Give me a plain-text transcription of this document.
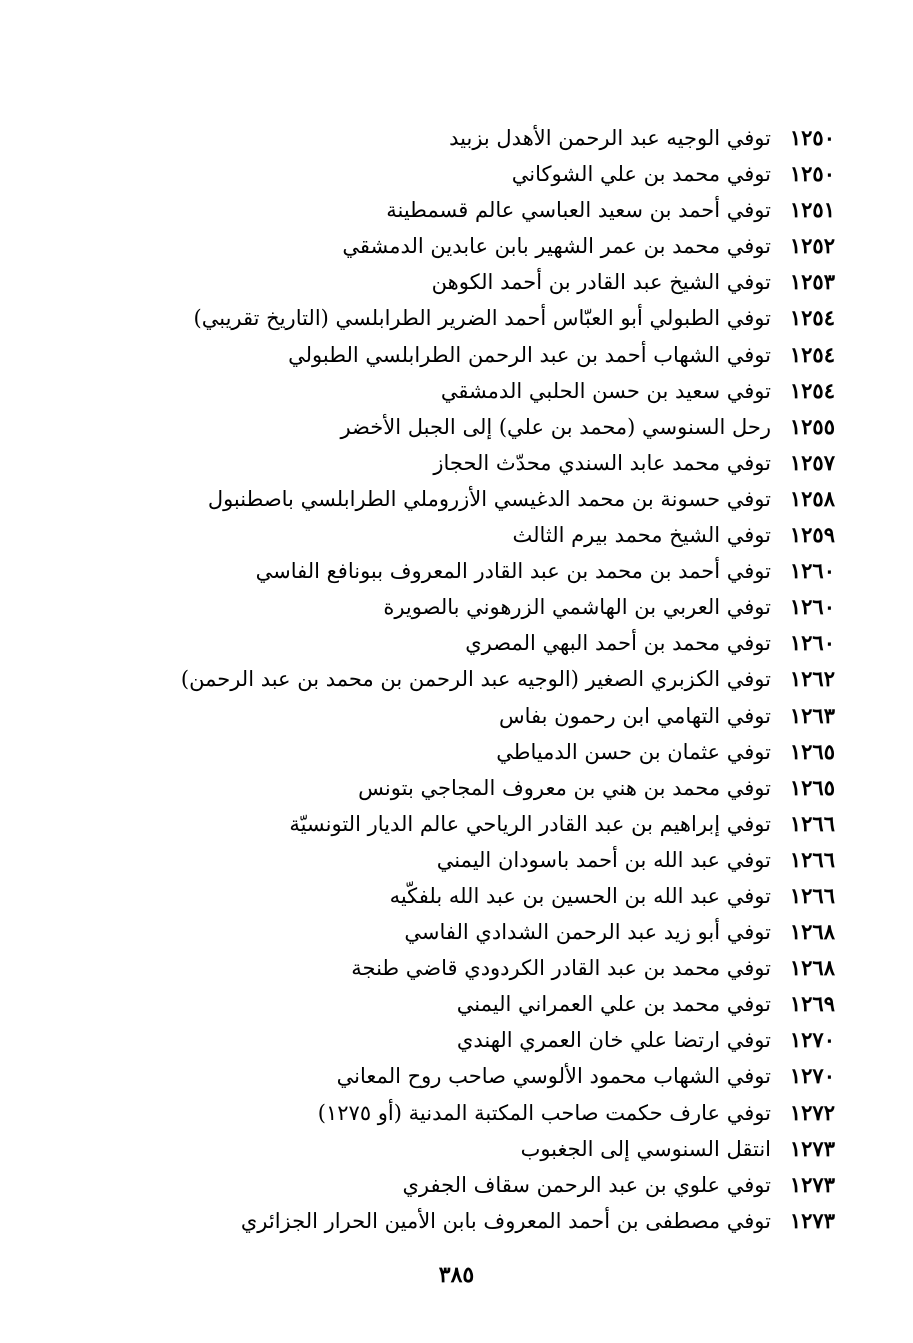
١٢٥٠توفي الوجيه عبد الرحمن الأهدل بزبيد
١٢٥٠توفي محمد بن علي الشوكاني
١٢٥١توفي أحمد بن سعيد العباسي عالم قسمطينة
١٢٥٢توفي محمد بن عمر الشهير بابن عابدين الدمشقي
١٢٥٣توفي الشيخ عبد القادر بن أحمد الكوهن
١٢٥٤توفي الطبولي أبو العبّاس أحمد الضرير الطرابلسي (التاريخ تقريبي)
١٢٥٤توفي الشهاب أحمد بن عبد الرحمن الطرابلسي الطبولي
١٢٥٤توفي سعيد بن حسن الحلبي الدمشقي
١٢٥٥رحل السنوسي (محمد بن علي) إلى الجبل الأخضر
١٢٥٧توفي محمد عابد السندي محدّث الحجاز
١٢٥٨توفي حسونة بن محمد الدغيسي الأزروملي الطرابلسي باصطنبول
١٢٥٩توفي الشيخ محمد بيرم الثالث
١٢٦٠توفي أحمد بن محمد بن عبد القادر المعروف ببونافع الفاسي
١٢٦٠توفي العربي بن الهاشمي الزرهوني بالصويرة
١٢٦٠توفي محمد بن أحمد البهي المصري
١٢٦٢توفي الكزبري الصغير (الوجيه عبد الرحمن بن محمد بن عبد الرحمن)
١٢٦٣توفي التهامي ابن رحمون بفاس
١٢٦٥توفي عثمان بن حسن الدمياطي
١٢٦٥توفي محمد بن هني بن معروف المجاجي بتونس
١٢٦٦توفي إبراهيم بن عبد القادر الرياحي عالم الديار التونسيّة
١٢٦٦توفي عبد الله بن أحمد باسودان اليمني
١٢٦٦توفي عبد الله بن الحسين بن عبد الله بلفكّيه
١٢٦٨توفي أبو زيد عبد الرحمن الشدادي الفاسي
١٢٦٨توفي محمد بن عبد القادر الكردودي قاضي طنجة
١٢٦٩توفي محمد بن علي العمراني اليمني
١٢٧٠توفي ارتضا علي خان العمري الهندي
١٢٧٠توفي الشهاب محمود الألوسي صاحب روح المعاني
١٢٧٢توفي عارف حكمت صاحب المكتبة المدنية (أو ١٢٧٥)
١٢٧٣انتقل السنوسي إلى الجغبوب
١٢٧٣توفي علوي بن عبد الرحمن سقاف الجفري
١٢٧٣توفي مصطفى بن أحمد المعروف بابن الأمين الحرار الجزائري
٣٨٥
